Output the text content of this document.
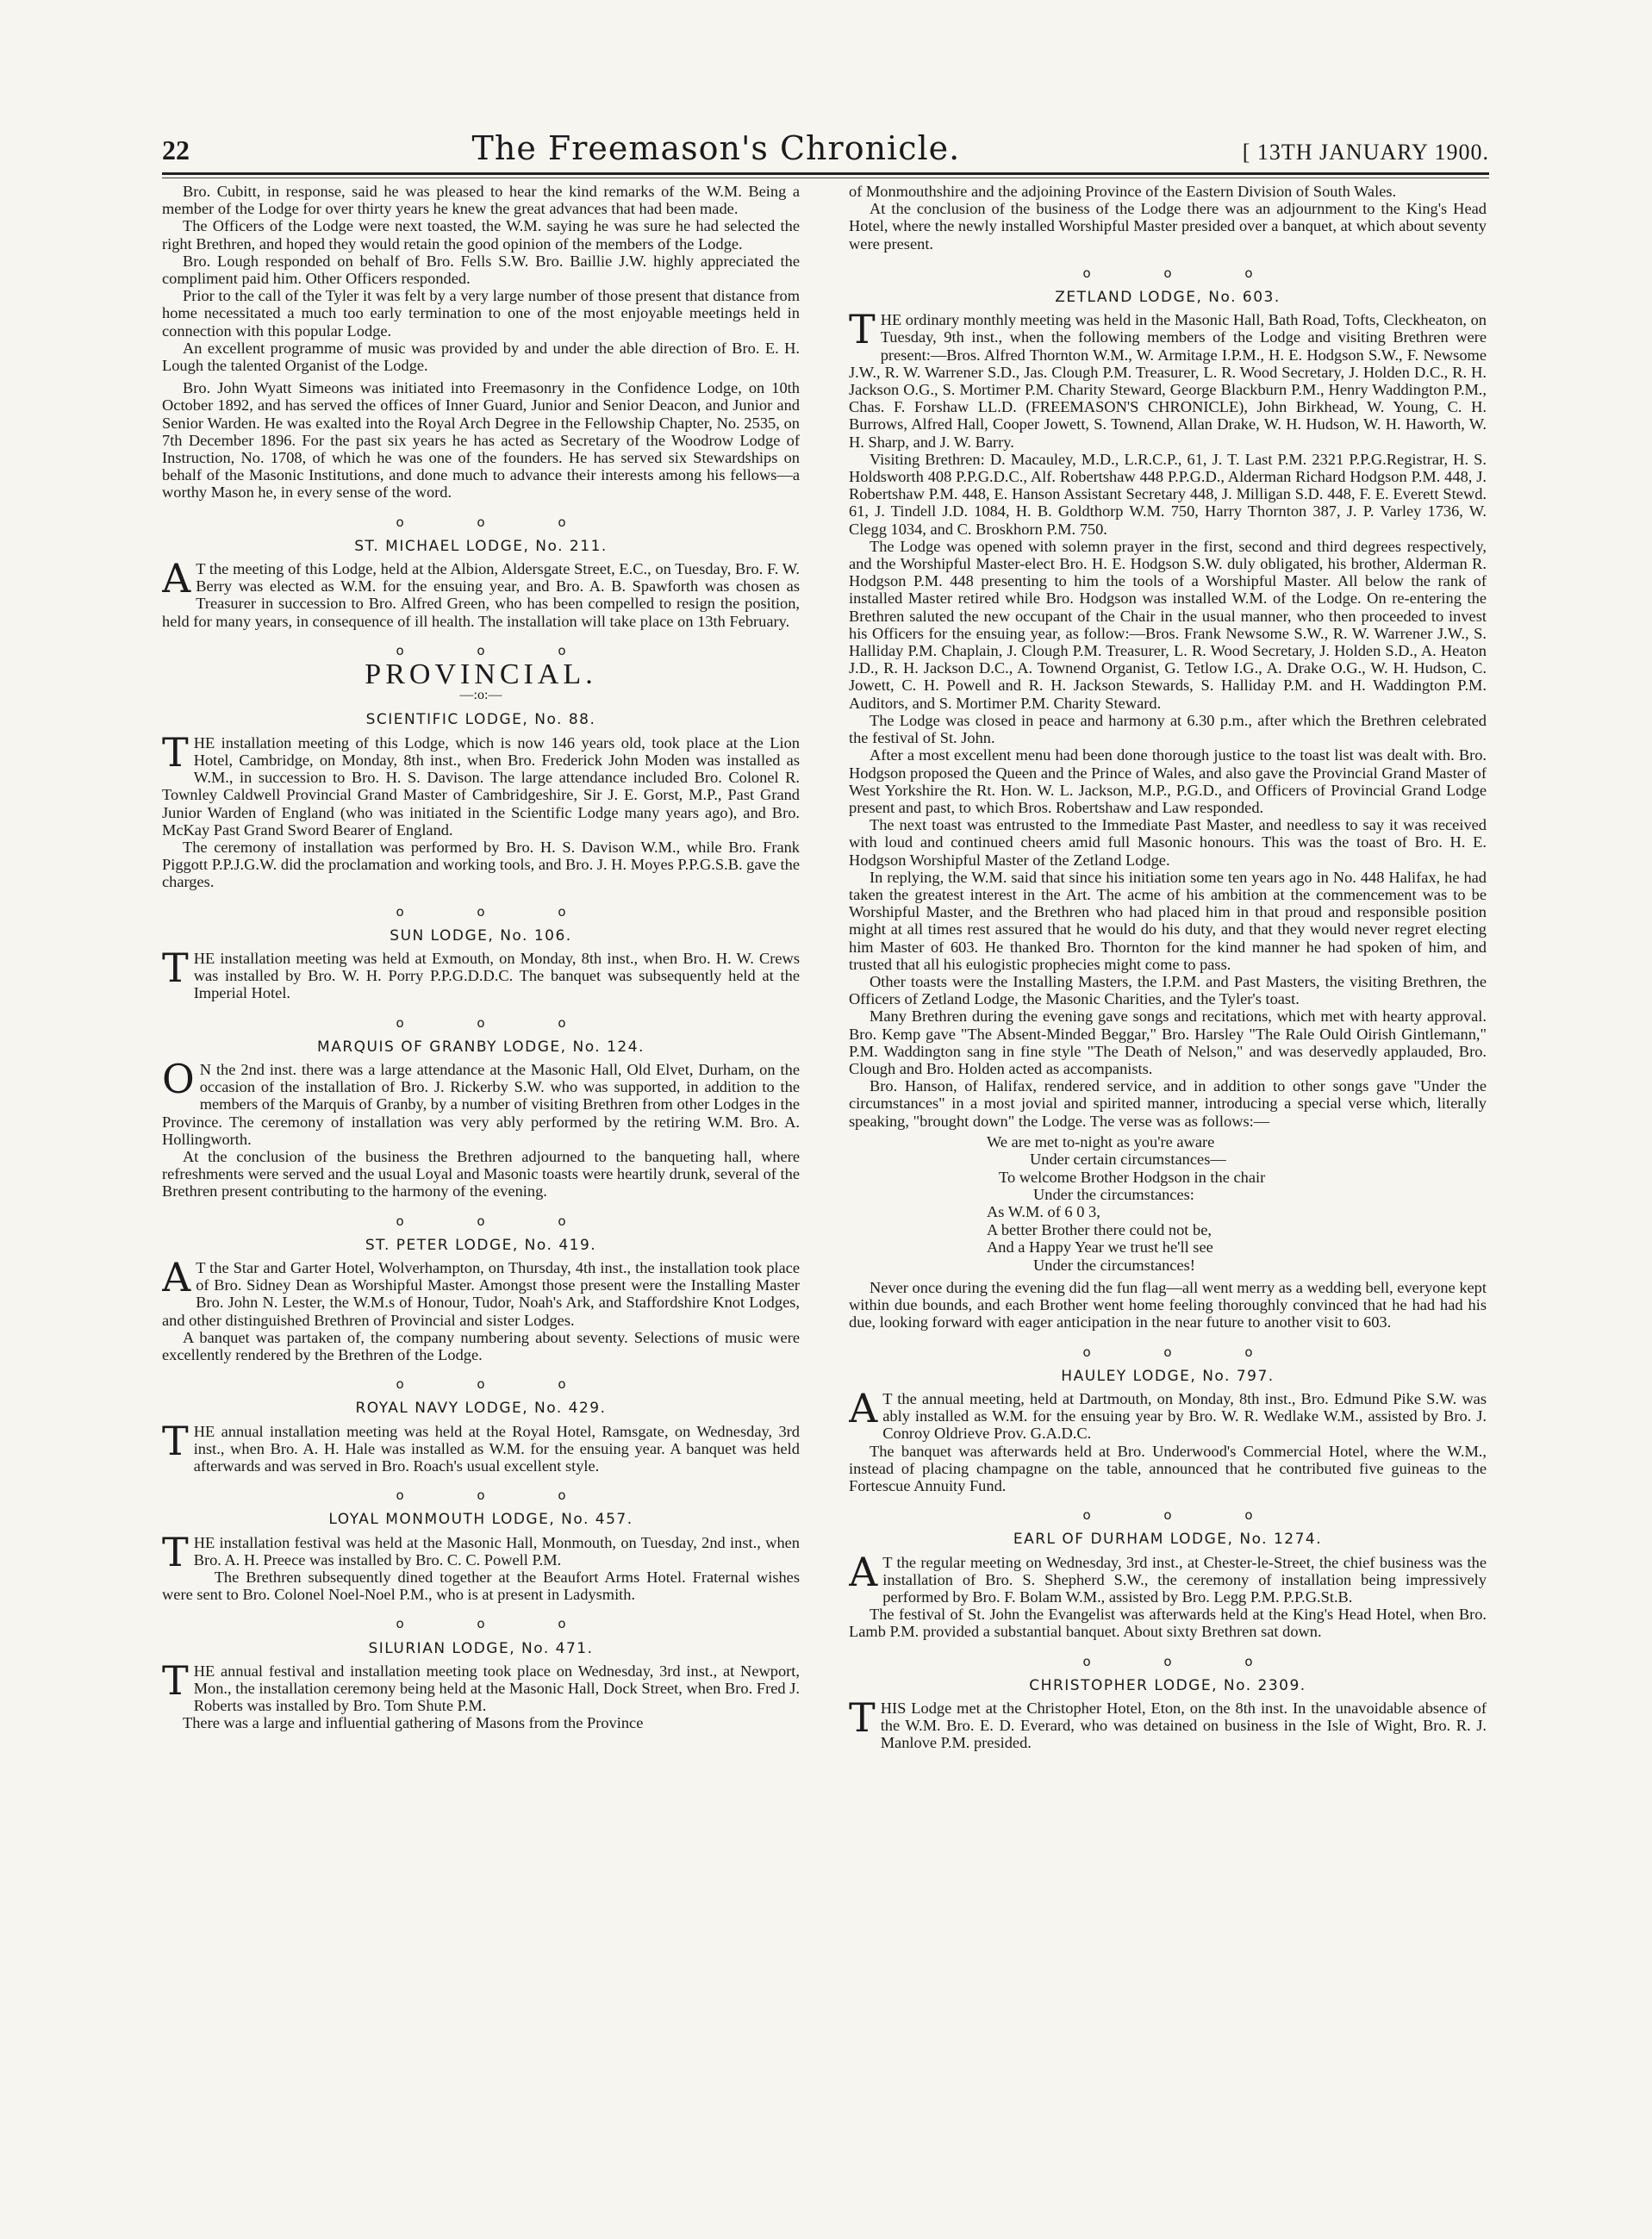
22	The Freemason's Chronicle.	[ 13TH JANUARY 1900.

Bro. Cubitt, in response, said he was pleased to hear the kind remarks of the W.M. Being a member of the Lodge for over thirty years he knew the great advances that had been made.

The Officers of the Lodge were next toasted, the W.M. saying he was sure he had selected the right Brethren, and hoped they would retain the good opinion of the members of the Lodge.

Bro. Lough responded on behalf of Bro. Fells S.W. Bro. Baillie J.W. highly appreciated the compliment paid him. Other Officers responded.

Prior to the call of the Tyler it was felt by a very large number of those present that distance from home necessitated a much too early termination to one of the most enjoyable meetings held in connection with this popular Lodge.

An excellent programme of music was provided by and under the able direction of Bro. E. H. Lough the talented Organist of the Lodge.

Bro. John Wyatt Simeons was initiated into Freemasonry in the Confidence Lodge, on 10th October 1892, and has served the offices of Inner Guard, Junior and Senior Deacon, and Junior and Senior Warden. He was exalted into the Royal Arch Degree in the Fellowship Chapter, No. 2535, on 7th December 1896. For the past six years he has acted as Secretary of the Woodrow Lodge of Instruction, No. 1708, of which he was one of the founders. He has served six Stewardships on behalf of the Masonic Institutions, and done much to advance their interests among his fellows—a worthy Mason he, in every sense of the word.

o o o
ST. MICHAEL LODGE, No. 211.

A T the meeting of this Lodge, held at the Albion, Aldersgate Street, E.C., on Tuesday, Bro. F. W. Berry was elected as W.M. for the ensuing year, and Bro. A. B. Spawforth was chosen as Treasurer in succession to Bro. Alfred Green, who has been compelled to resign the position, held for many years, in consequence of ill health. The installation will take place on 13th February.

o o o
PROVINCIAL.
—:o:—
SCIENTIFIC LODGE, No. 88.

THE installation meeting of this Lodge, which is now 146 years old, took place at the Lion Hotel, Cambridge, on Monday, 8th inst., when Bro. Frederick John Moden was installed as W.M., in succession to Bro. H. S. Davison. The large attendance included Bro. Colonel R. Townley Caldwell Provincial Grand Master of Cambridgeshire, Sir J. E. Gorst, M.P., Past Grand Junior Warden of England (who was initiated in the Scientific Lodge many years ago), and Bro. McKay Past Grand Sword Bearer of England.

The ceremony of installation was performed by Bro. H. S. Davison W.M., while Bro. Frank Piggott P.P.J.G.W. did the proclamation and working tools, and Bro. J. H. Moyes P.P.G.S.B. gave the charges.

o o o
SUN LODGE, No. 106.

THE installation meeting was held at Exmouth, on Monday, 8th inst., when Bro. H. W. Crews was installed by Bro. W. H. Porry P.P.G.D.D.C. The banquet was subsequently held at the Imperial Hotel.

o o o
MARQUIS OF GRANBY LODGE, No. 124.

O N the 2nd inst. there was a large attendance at the Masonic Hall, Old Elvet, Durham, on the occasion of the installation of Bro. J. Rickerby S.W. who was supported, in addition to the members of the Marquis of Granby, by a number of visiting Brethren from other Lodges in the Province. The ceremony of installation was very ably performed by the retiring W.M. Bro. A. Hollingworth.

At the conclusion of the business the Brethren adjourned to the banqueting hall, where refreshments were served and the usual Loyal and Masonic toasts were heartily drunk, several of the Brethren present contributing to the harmony of the evening.

o o o
ST. PETER LODGE, No. 419.

A T the Star and Garter Hotel, Wolverhampton, on Thursday, 4th inst., the installation took place of Bro. Sidney Dean as Worshipful Master. Amongst those present were the Installing Master Bro. John N. Lester, the W.M.s of Honour, Tudor, Noah's Ark, and Staffordshire Knot Lodges, and other distinguished Brethren of Provincial and sister Lodges.

A banquet was partaken of, the company numbering about seventy. Selections of music were excellently rendered by the Brethren of the Lodge.

o o o
ROYAL NAVY LODGE, No. 429.

THE annual installation meeting was held at the Royal Hotel, Ramsgate, on Wednesday, 3rd inst., when Bro. A. H. Hale was installed as W.M. for the ensuing year. A banquet was held afterwards and was served in Bro. Roach's usual excellent style.

o o o
LOYAL MONMOUTH LODGE, No. 457.

THE installation festival was held at the Masonic Hall, Monmouth, on Tuesday, 2nd inst., when Bro. A. H. Preece was installed by Bro. C. C. Powell P.M.

The Brethren subsequently dined together at the Beaufort Arms Hotel. Fraternal wishes were sent to Bro. Colonel Noel-Noel P.M., who is at present in Ladysmith.

o o o
SILURIAN LODGE, No. 471.

THE annual festival and installation meeting took place on Wednesday, 3rd inst., at Newport, Mon., the installation ceremony being held at the Masonic Hall, Dock Street, when Bro. Fred J. Roberts was installed by Bro. Tom Shute P.M.

There was a large and influential gathering of Masons from the Province

of Monmouthshire and the adjoining Province of the Eastern Division of South Wales.

At the conclusion of the business of the Lodge there was an adjournment to the King's Head Hotel, where the newly installed Worshipful Master presided over a banquet, at which about seventy were present.

o o o
ZETLAND LODGE, No. 603.

THE ordinary monthly meeting was held in the Masonic Hall, Bath Road, Tofts, Cleckheaton, on Tuesday, 9th inst., when the following members of the Lodge and visiting Brethren were present:—Bros. Alfred Thornton W.M., W. Armitage I.P.M., H. E. Hodgson S.W., F. Newsome J.W., R. W. Warrener S.D., Jas. Clough P.M. Treasurer, L. R. Wood Secretary, J. Holden D.C., R. H. Jackson O.G., S. Mortimer P.M. Charity Steward, George Blackburn P.M., Henry Waddington P.M., Chas. F. Forshaw LL.D. (FREEMASON'S CHRONICLE), John Birkhead, W. Young, C. H. Burrows, Alfred Hall, Cooper Jowett, S. Townend, Allan Drake, W. H. Hudson, W. H. Haworth, W. H. Sharp, and J. W. Barry.

Visiting Brethren: D. Macauley, M.D., L.R.C.P., 61, J. T. Last P.M. 2321 P.P.G.Registrar, H. S. Holdsworth 408 P.P.G.D.C., Alf. Robertshaw 448 P.P.G.D., Alderman Richard Hodgson P.M. 448, J. Robertshaw P.M. 448, E. Hanson Assistant Secretary 448, J. Milligan S.D. 448, F. E. Everett Stewd. 61, J. Tindell J.D. 1084, H. B. Goldthorp W.M. 750, Harry Thornton 387, J. P. Varley 1736, W. Clegg 1034, and C. Broskhorn P.M. 750.

The Lodge was opened with solemn prayer in the first, second and third degrees respectively, and the Worshipful Master-elect Bro. H. E. Hodgson S.W. duly obligated, his brother, Alderman R. Hodgson P.M. 448 presenting to him the tools of a Worshipful Master. All below the rank of installed Master retired while Bro. Hodgson was installed W.M. of the Lodge. On re-entering the Brethren saluted the new occupant of the Chair in the usual manner, who then proceeded to invest his Officers for the ensuing year, as follow:—Bros. Frank Newsome S.W., R. W. Warrener J.W., S. Halliday P.M. Chaplain, J. Clough P.M. Treasurer, L. R. Wood Secretary, J. Holden S.D., A. Heaton J.D., R. H. Jackson D.C., A. Townend Organist, G. Tetlow I.G., A. Drake O.G., W. H. Hudson, C. Jowett, C. H. Powell and R. H. Jackson Stewards, S. Halliday P.M. and H. Waddington P.M. Auditors, and S. Mortimer P.M. Charity Steward.

The Lodge was closed in peace and harmony at 6.30 p.m., after which the Brethren celebrated the festival of St. John.

After a most excellent menu had been done thorough justice to the toast list was dealt with. Bro. Hodgson proposed the Queen and the Prince of Wales, and also gave the Provincial Grand Master of West Yorkshire the Rt. Hon. W. L. Jackson, M.P., P.G.D., and Officers of Provincial Grand Lodge present and past, to which Bros. Robertshaw and Law responded.

The next toast was entrusted to the Immediate Past Master, and needless to say it was received with loud and continued cheers amid full Masonic honours. This was the toast of Bro. H. E. Hodgson Worshipful Master of the Zetland Lodge.

In replying, the W.M. said that since his initiation some ten years ago in No. 448 Halifax, he had taken the greatest interest in the Art. The acme of his ambition at the commencement was to be Worshipful Master, and the Brethren who had placed him in that proud and responsible position might at all times rest assured that he would do his duty, and that they would never regret electing him Master of 603. He thanked Bro. Thornton for the kind manner he had spoken of him, and trusted that all his eulogistic prophecies might come to pass.

Other toasts were the Installing Masters, the I.P.M. and Past Masters, the visiting Brethren, the Officers of Zetland Lodge, the Masonic Charities, and the Tyler's toast.

Many Brethren during the evening gave songs and recitations, which met with hearty approval. Bro. Kemp gave "The Absent-Minded Beggar," Bro. Harsley "The Rale Ould Oirish Gintlemann," P.M. Waddington sang in fine style "The Death of Nelson," and was deservedly applauded, Bro. Clough and Bro. Holden acted as accompanists.

Bro. Hanson, of Halifax, rendered service, and in addition to other songs gave "Under the circumstances" in a most jovial and spirited manner, introducing a special verse which, literally speaking, "brought down" the Lodge. The verse was as follows:—

We are met to-night as you're aware
Under certain circumstances—
To welcome Brother Hodgson in the chair
Under the circumstances:
As W.M. of 6 0 3,
A better Brother there could not be,
And a Happy Year we trust he'll see
Under the circumstances!

Never once during the evening did the fun flag—all went merry as a wedding bell, everyone kept within due bounds, and each Brother went home feeling thoroughly convinced that he had had his due, looking forward with eager anticipation in the near future to another visit to 603.

o o o
HAULEY LODGE, No. 797.

A T the annual meeting, held at Dartmouth, on Monday, 8th inst., Bro. Edmund Pike S.W. was ably installed as W.M. for the ensuing year by Bro. W. R. Wedlake W.M., assisted by Bro. J. Conroy Oldrieve Prov. G.A.D.C.

The banquet was afterwards held at Bro. Underwood's Commercial Hotel, where the W.M., instead of placing champagne on the table, announced that he contributed five guineas to the Fortescue Annuity Fund.

o o o
EARL OF DURHAM LODGE, No. 1274.

A T the regular meeting on Wednesday, 3rd inst., at Chester-le-Street, the chief business was the installation of Bro. S. Shepherd S.W., the ceremony of installation being impressively performed by Bro. F. Bolam W.M., assisted by Bro. Legg P.M. P.P.G.St.B.

The festival of St. John the Evangelist was afterwards held at the King's Head Hotel, when Bro. Lamb P.M. provided a substantial banquet. About sixty Brethren sat down.

o o o
CHRISTOPHER LODGE, No. 2309.

THIS Lodge met at the Christopher Hotel, Eton, on the 8th inst. In the unavoidable absence of the W.M. Bro. E. D. Everard, who was detained on business in the Isle of Wight, Bro. R. J. Manlove P.M. presided.
